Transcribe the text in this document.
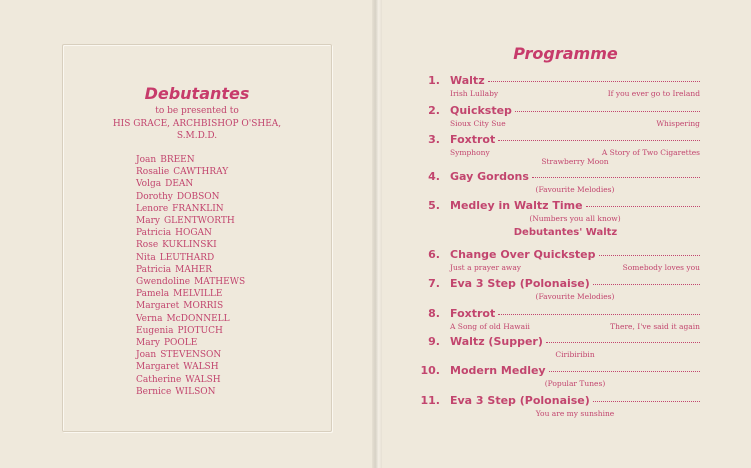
Debutantes
to be presented to
HIS GRACE, ARCHBISHOP O'SHEA,
S.M.D.D.
Joan BREEN
Rosalie CAWTHRAY
Volga DEAN
Dorothy DOBSON
Lenore FRANKLIN
Mary GLENTWORTH
Patricia HOGAN
Rose KUKLINSKI
Nita LEUTHARD
Patricia MAHER
Gwendoline MATHEWS
Pamela MELVILLE
Margaret MORRIS
Verna McDONNELL
Eugenia PIOTUCH
Mary POOLE
Joan STEVENSON
Margaret WALSH
Catherine WALSH
Bernice WILSON
Programme
1. Waltz
Irish Lullaby	If you ever go to Ireland
2. Quickstep
Sioux City Sue	Whispering
3. Foxtrot
Symphony	A Story of Two Cigarettes
Strawberry Moon
4. Gay Gordons
(Favourite Melodies)
5. Medley in Waltz Time
(Numbers you all know)
Debutantes' Waltz
6. Change Over Quickstep
Just a prayer away	Somebody loves you
7. Eva 3 Step (Polonaise)
(Favourite Melodies)
8. Foxtrot
A Song of old Hawaii	There, I've said it again
9. Waltz (Supper)
Ciribiribin
10. Modern Medley
(Popular Tunes)
11. Eva 3 Step (Polonaise)
You are my sunshine
